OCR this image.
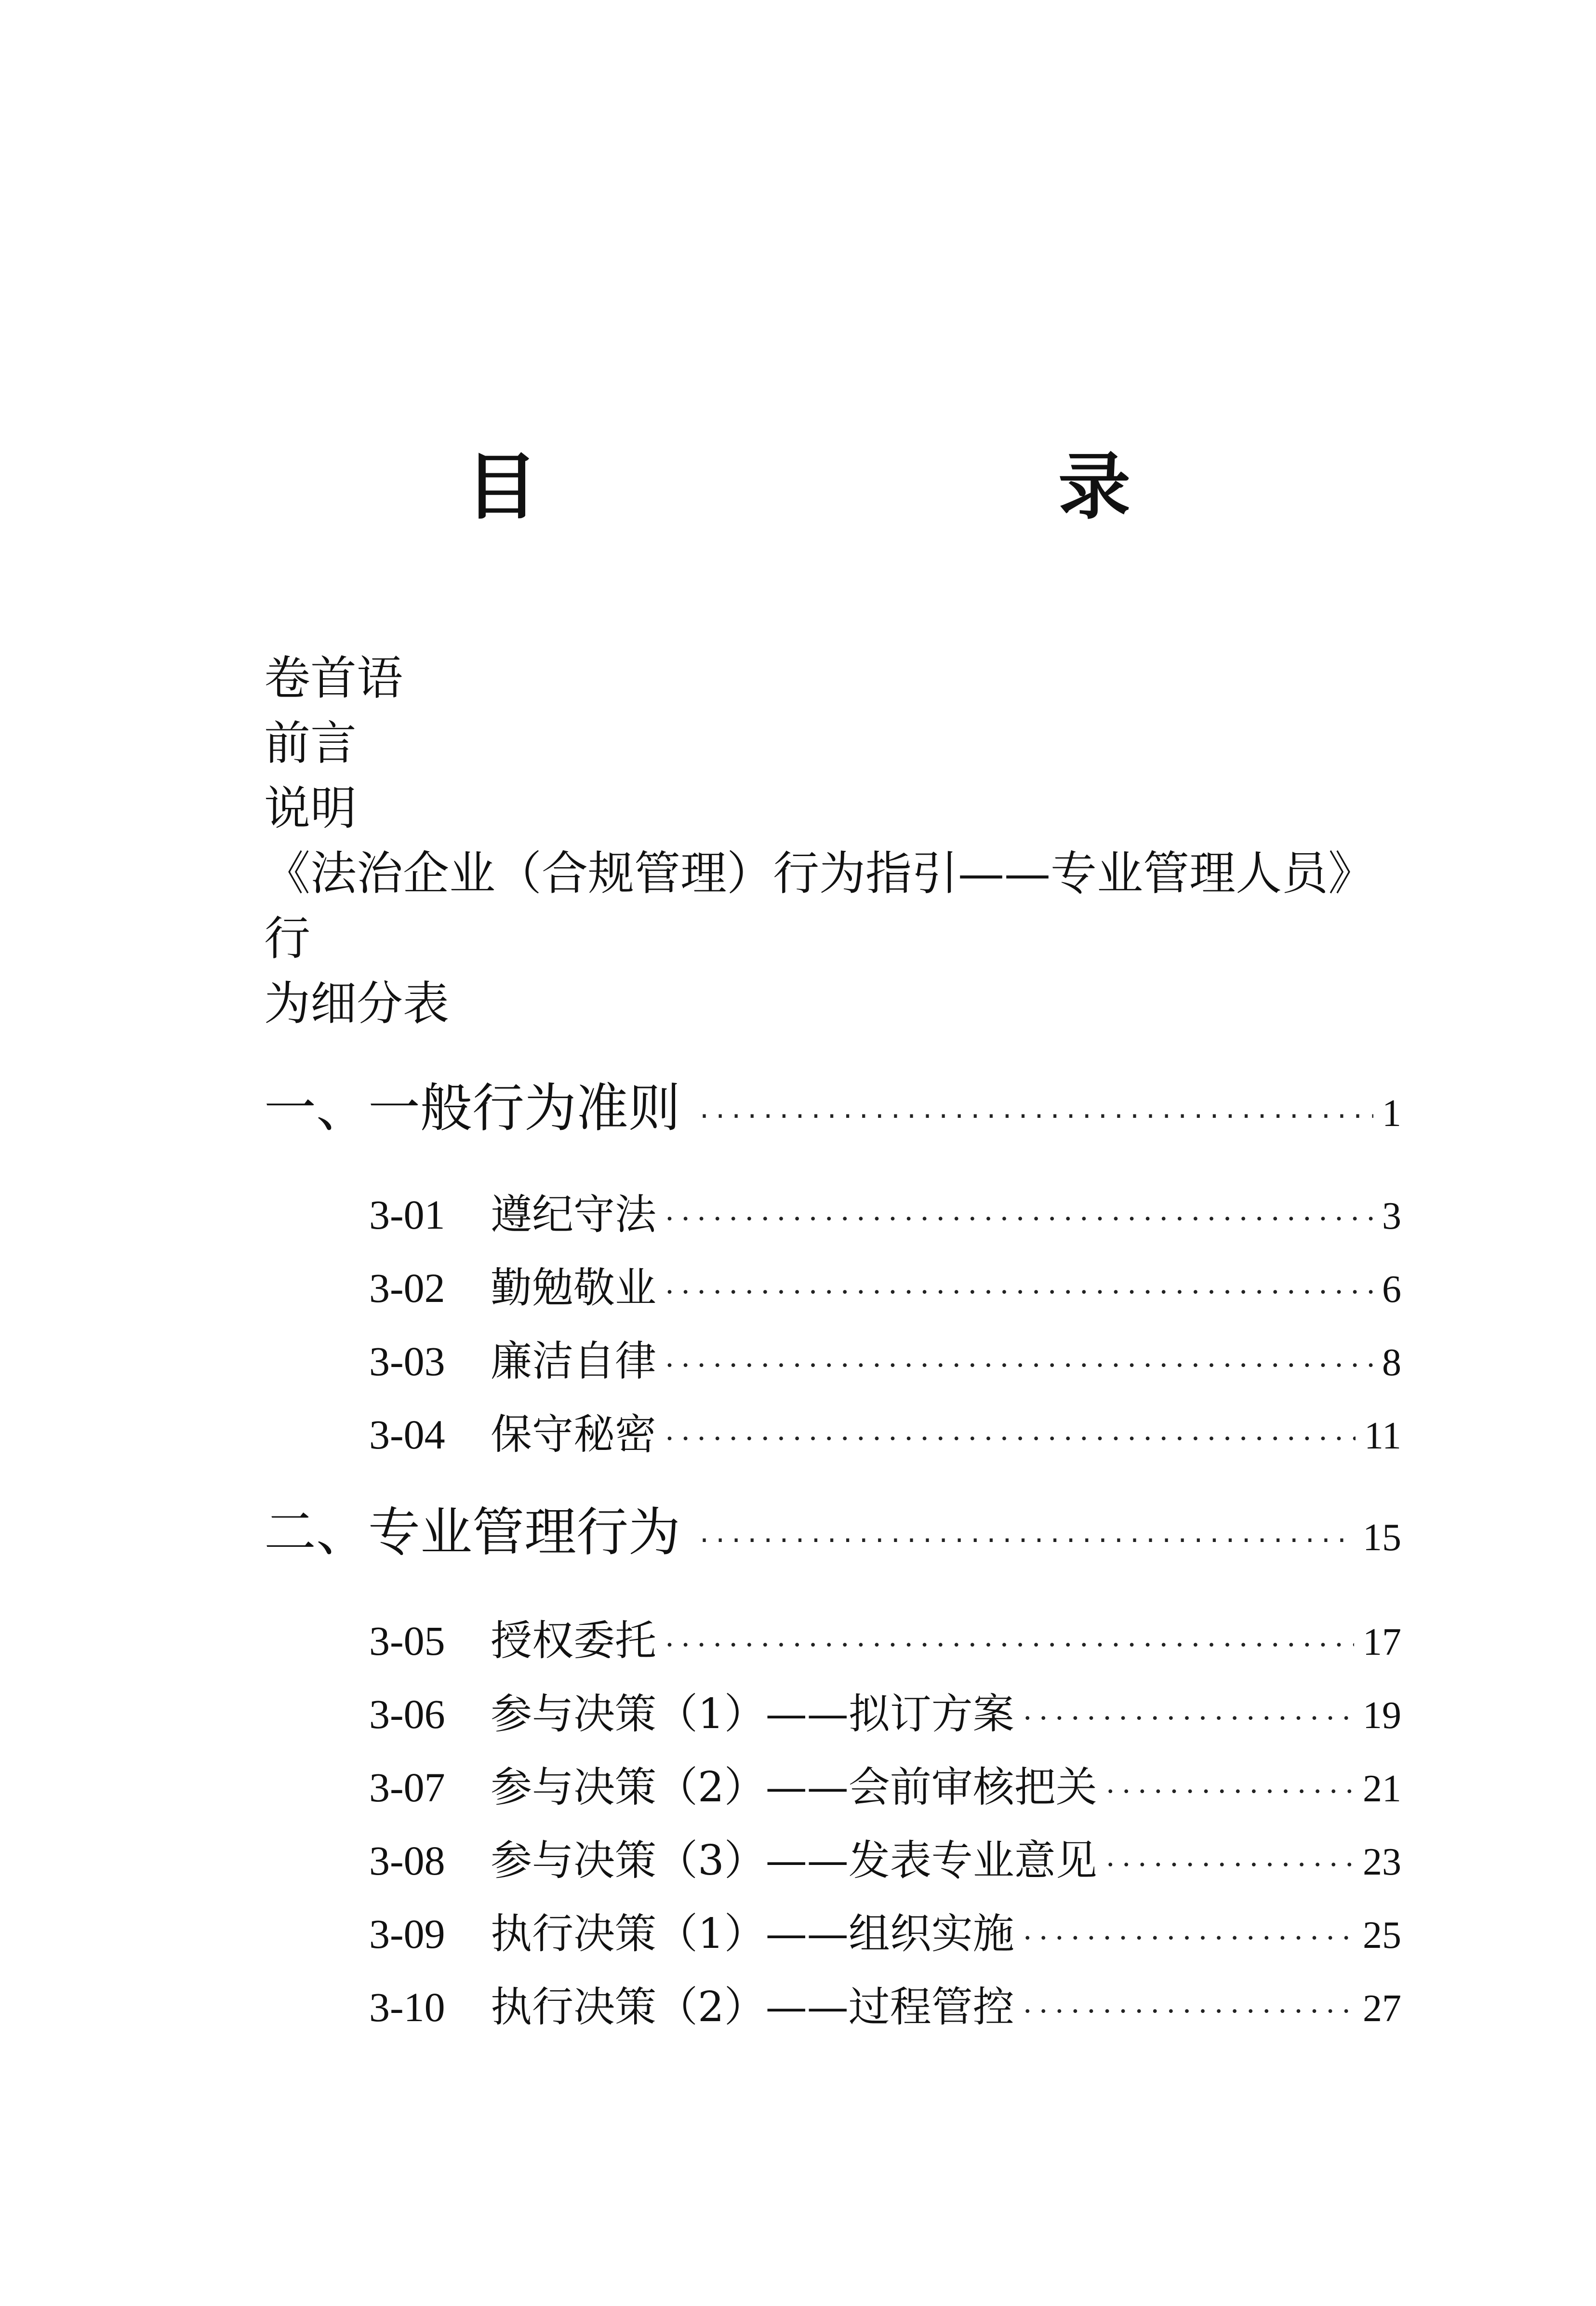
目　　录
卷首语
前言
说明
《法治企业（合规管理）行为指引——专业管理人员》行
为细分表
一、一般行为准则 ·····	1
3-01	遵纪守法 ·····	3
3-02	勤勉敬业 ·····	6
3-03	廉洁自律 ·····	8
3-04	保守秘密 ·····	11
二、专业管理行为 ·····	15
3-05	授权委托 ·····	17
3-06	参与决策（1）——拟订方案 ·····	19
3-07	参与决策（2）——会前审核把关 ·····	21
3-08	参与决策（3）——发表专业意见 ·····	23
3-09	执行决策（1）——组织实施 ·····	25
3-10	执行决策（2）——过程管控 ·····	27
